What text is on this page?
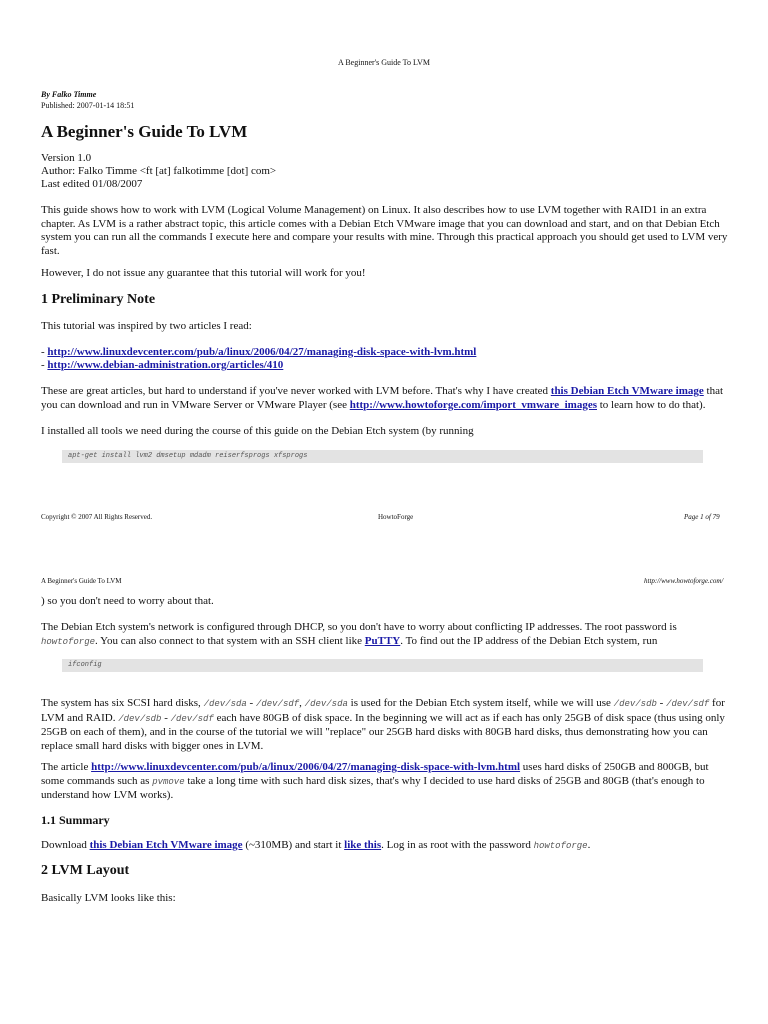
A Beginner's Guide To LVM
By Falko Timme
Published: 2007-01-14 18:51
A Beginner's Guide To LVM
Version 1.0
Author: Falko Timme <ft [at] falkotimme [dot] com>
Last edited 01/08/2007

This guide shows how to work with LVM (Logical Volume Management) on Linux. It also describes how to use LVM together with RAID1 in an extra chapter. As LVM is a rather abstract topic, this article comes with a Debian Etch VMware image that you can download and start, and on that Debian Etch system you can run all the commands I execute here and compare your results with mine. Through this practical approach you should get used to LVM very fast.

However, I do not issue any guarantee that this tutorial will work for you!

1 Preliminary Note

This tutorial was inspired by two articles I read:

- http://www.linuxdevcenter.com/pub/a/linux/2006/04/27/managing-disk-space-with-lvm.html
- http://www.debian-administration.org/articles/410

These are great articles, but hard to understand if you've never worked with LVM before. That's why I have created this Debian Etch VMware image that you can download and run in VMware Server or VMware Player (see http://www.howtoforge.com/import_vmware_images to learn how to do that).

I installed all tools we need during the course of this guide on the Debian Etch system (by running

apt-get install lvm2 dmsetup mdadm reiserfsprogs xfsprogs
Copyright © 2007 All Rights Reserved.	HowtoForge	Page 1 of 79
A Beginner's Guide To LVM	http://www.howtoforge.com/

) so you don't need to worry about that.

The Debian Etch system's network is configured through DHCP, so you don't have to worry about conflicting IP addresses. The root password is howtoforge. You can also connect to that system with an SSH client like PuTTY. To find out the IP address of the Debian Etch system, run

ifconfig

The system has six SCSI hard disks, /dev/sda - /dev/sdf, /dev/sda is used for the Debian Etch system itself, while we will use /dev/sdb - /dev/sdf for LVM and RAID. /dev/sdb - /dev/sdf each have 80GB of disk space. In the beginning we will act as if each has only 25GB of disk space (thus using only 25GB on each of them), and in the course of the tutorial we will "replace" our 25GB hard disks with 80GB hard disks, thus demonstrating how you can replace small hard disks with bigger ones in LVM.

The article http://www.linuxdevcenter.com/pub/a/linux/2006/04/27/managing-disk-space-with-lvm.html uses hard disks of 250GB and 800GB, but some commands such as pvmove take a long time with such hard disk sizes, that's why I decided to use hard disks of 25GB and 80GB (that's enough to understand how LVM works).

1.1 Summary

Download this Debian Etch VMware image (~310MB) and start it like this. Log in as root with the password howtoforge.

2 LVM Layout

Basically LVM looks like this:
